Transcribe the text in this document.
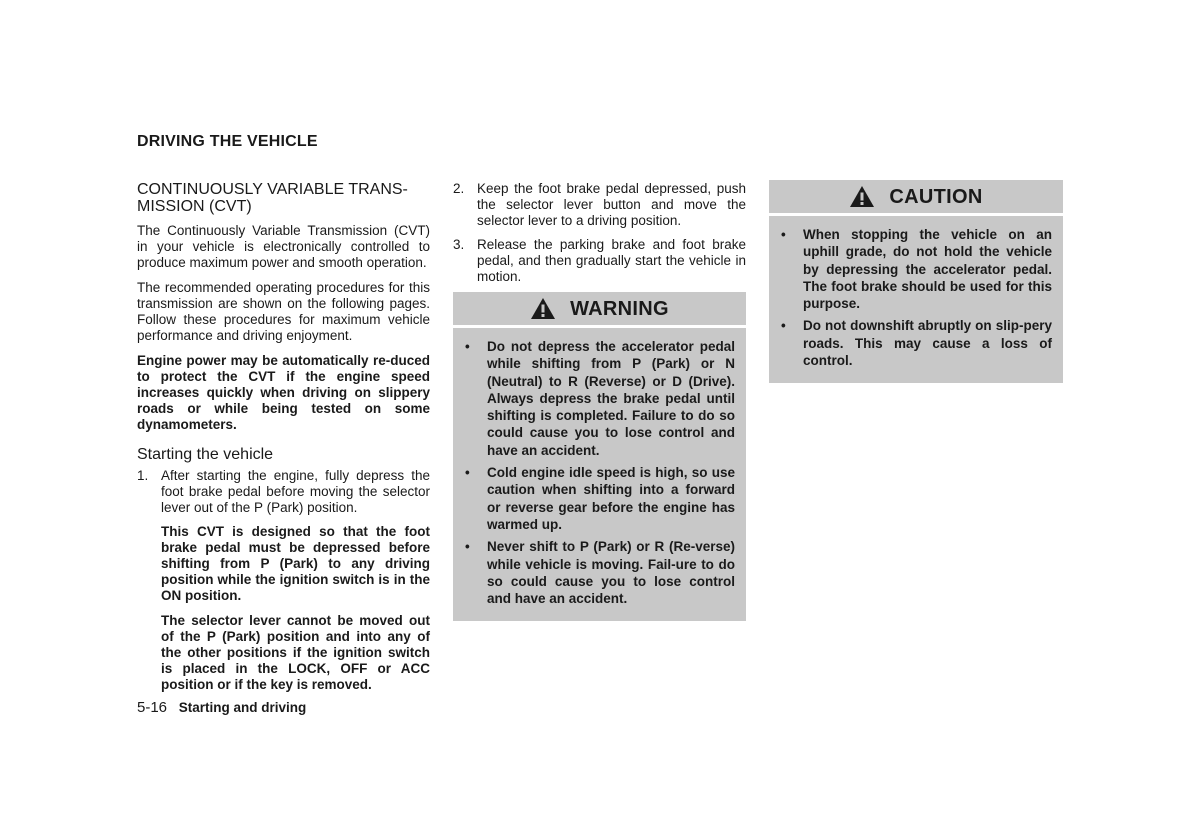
DRIVING THE VEHICLE
CONTINUOUSLY VARIABLE TRANS-MISSION (CVT)

The Continuously Variable Transmission (CVT) in your vehicle is electronically controlled to produce maximum power and smooth operation.

The recommended operating procedures for this transmission are shown on the following pages. Follow these procedures for maximum vehicle performance and driving enjoyment.

Engine power may be automatically re-duced to protect the CVT if the engine speed increases quickly when driving on slippery roads or while being tested on some dynamometers.

Starting the vehicle
1. After starting the engine, fully depress the foot brake pedal before moving the selector lever out of the P (Park) position.

This CVT is designed so that the foot brake pedal must be depressed before shifting from P (Park) to any driving position while the ignition switch is in the ON position.

The selector lever cannot be moved out of the P (Park) position and into any of the other positions if the ignition switch is placed in the LOCK, OFF or ACC position or if the key is removed.

2. Keep the foot brake pedal depressed, push the selector lever button and move the selector lever to a driving position.
3. Release the parking brake and foot brake pedal, and then gradually start the vehicle in motion.
WARNING
• Do not depress the accelerator pedal while shifting from P (Park) or N (Neutral) to R (Reverse) or D (Drive). Always depress the brake pedal until shifting is completed. Failure to do so could cause you to lose control and have an accident.
• Cold engine idle speed is high, so use caution when shifting into a forward or reverse gear before the engine has warmed up.
• Never shift to P (Park) or R (Re-verse) while vehicle is moving. Fail-ure to do so could cause you to lose control and have an accident.
CAUTION
• When stopping the vehicle on an uphill grade, do not hold the vehicle by depressing the accelerator pedal. The foot brake should be used for this purpose.
• Do not downshift abruptly on slip-pery roads. This may cause a loss of control.
5-16 Starting and driving
